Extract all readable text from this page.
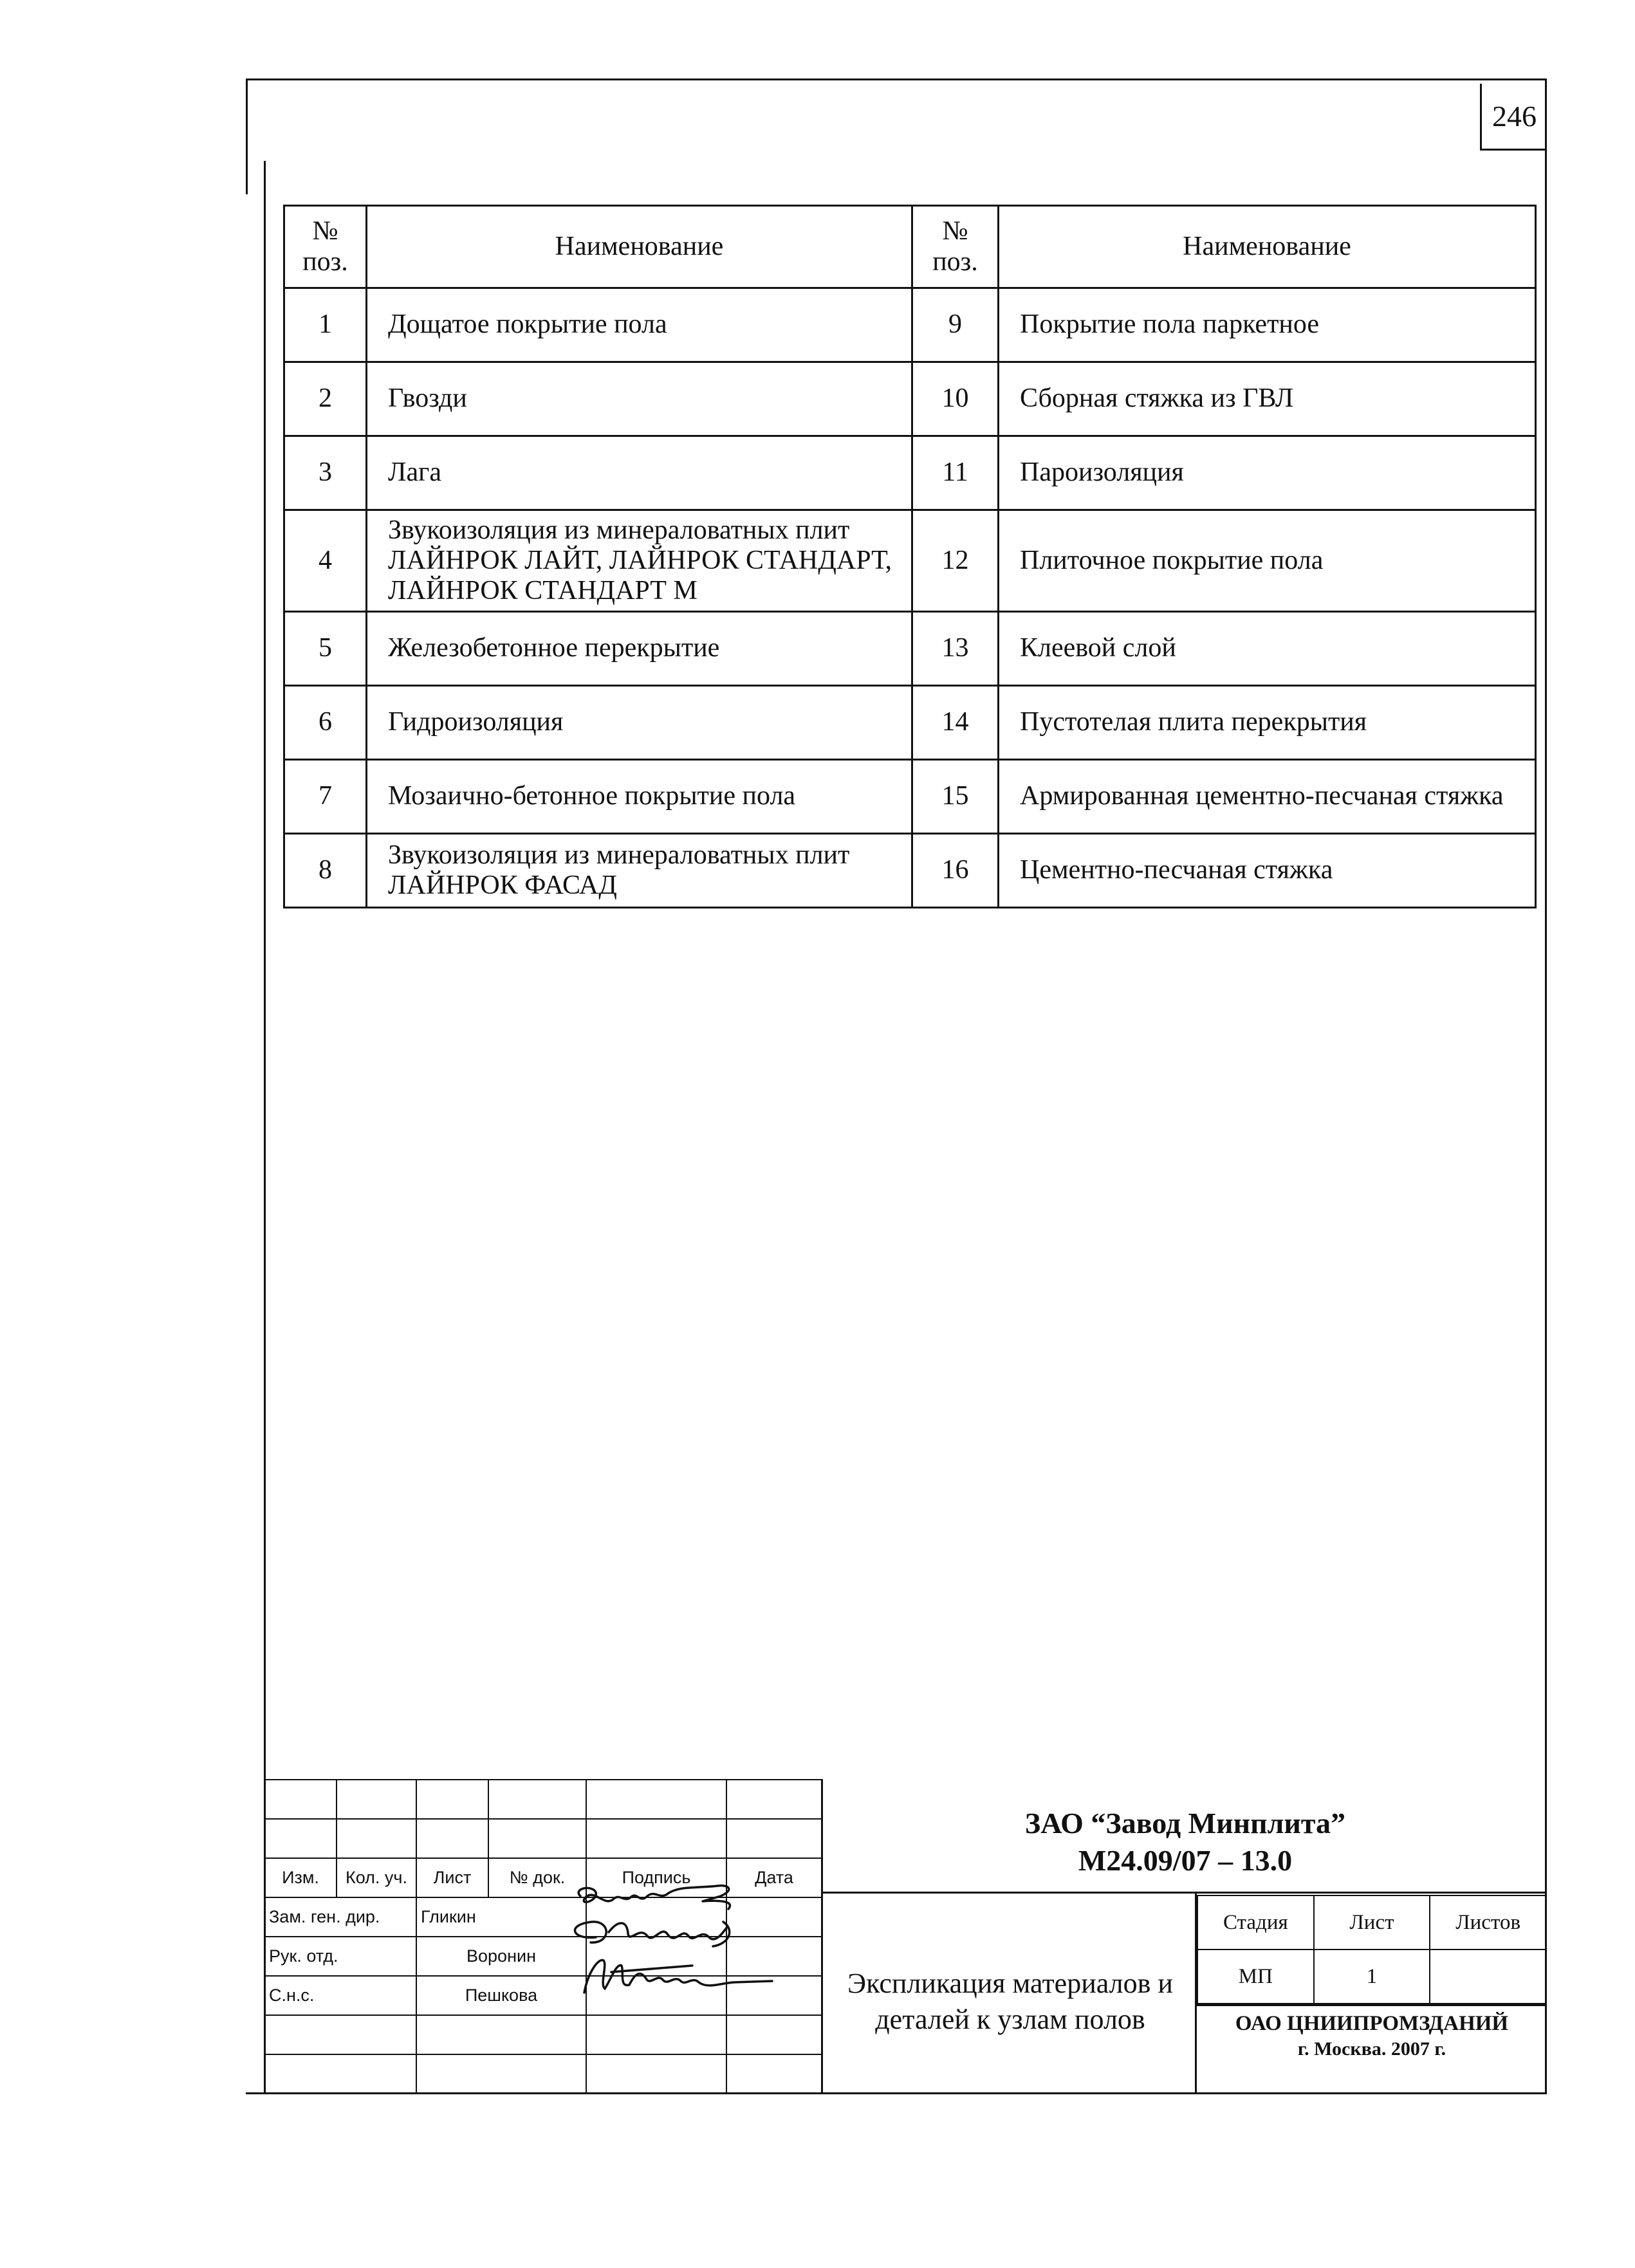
246
№ поз.	Наименование	№ поз.	Наименование
1	Дощатое покрытие пола	9	Покрытие пола паркетное
2	Гвозди	10	Сборная стяжка из ГВЛ
3	Лага	11	Пароизоляция
4	Звукоизоляция из минераловатных плит ЛАЙНРОК ЛАЙТ, ЛАЙНРОК СТАНДАРТ, ЛАЙНРОК СТАНДАРТ М	12	Плиточное покрытие пола
5	Железобетонное перекрытие	13	Клеевой слой
6	Гидроизоляция	14	Пустотелая плита перекрытия
7	Мозаично-бетонное покрытие пола	15	Армированная цементно-песчаная стяжка
8	Звукоизоляция из минераловатных плит ЛАЙНРОК ФАСАД	16	Цементно-песчаная стяжка

Изм.	Кол. уч.	Лист	№ док.	Подпись	Дата
Зам. ген. дир.		Гликин			
Рук. отд.		Воронин			
С.н.с.		Пешкова			

ЗАО “Завод Минплита”
М24.09/07 – 13.0
Экспликация материалов и деталей к узлам полов
Стадия	Лист	Листов
МП	1	
ОАО ЦНИИПРОМЗДАНИЙ
г. Москва. 2007 г.
